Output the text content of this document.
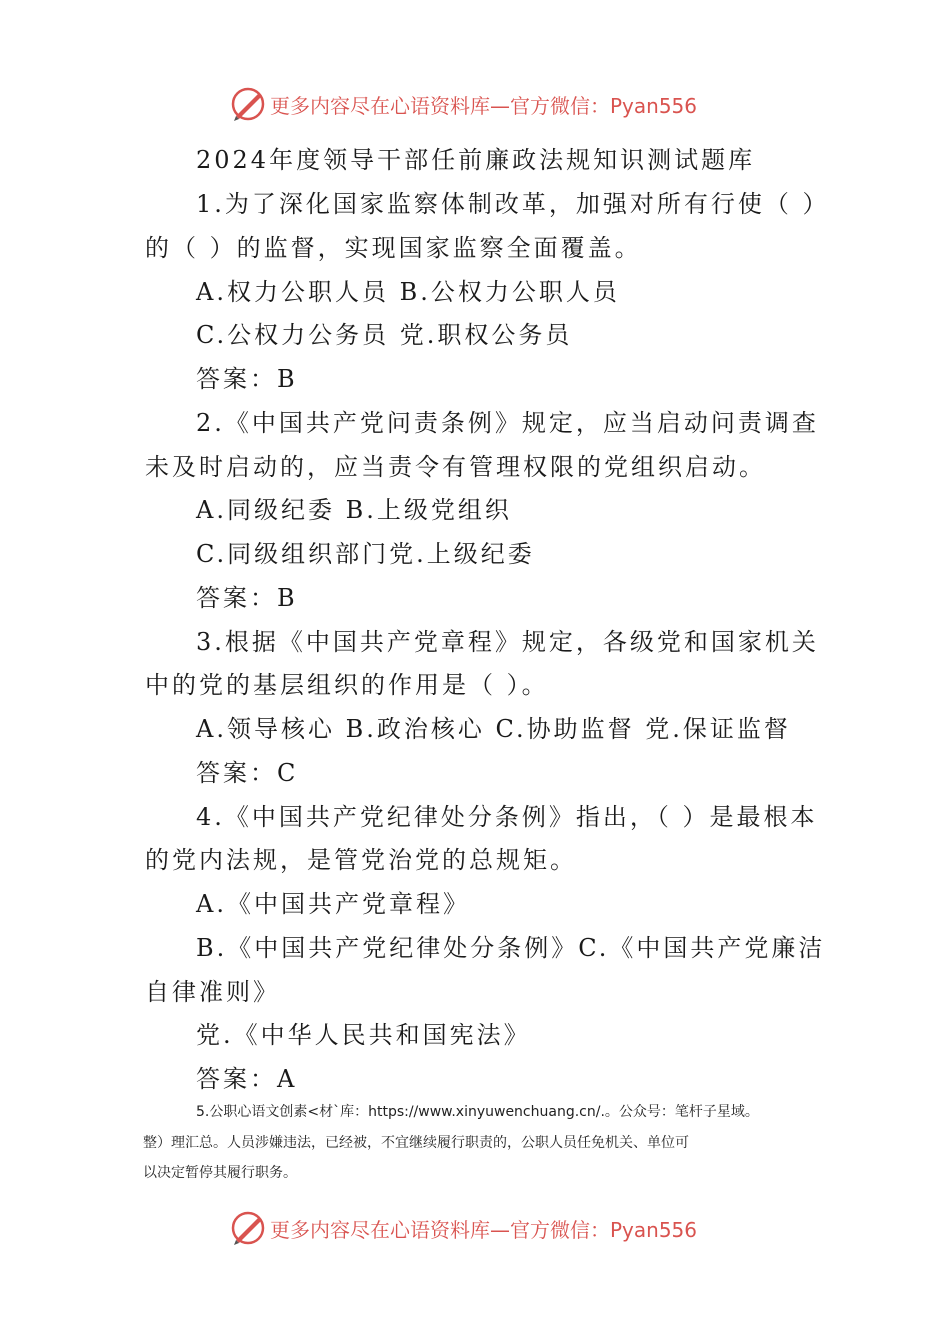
更多内容尽在心语资料库—官方微信：Pyan556
2024年度领导干部任前廉政法规知识测试题库
1.为了深化国家监察体制改革，加强对所有行使（ ）
的（ ）的监督，实现国家监察全面覆盖。
A.权力公职人员 B.公权力公职人员
C.公权力公务员 党.职权公务员
答案：B
2.《中国共产党问责条例》规定，应当启动问责调查
未及时启动的，应当责令有管理权限的党组织启动。
A.同级纪委 B.上级党组织
C.同级组织部门党.上级纪委
答案：B
3.根据《中国共产党章程》规定，各级党和国家机关
中的党的基层组织的作用是（ ）。
A.领导核心 B.政治核心 C.协助监督 党.保证监督
答案：C
4.《中国共产党纪律处分条例》指出，（ ）是最根本
的党内法规，是管党治党的总规矩。
A.《中国共产党章程》
B.《中国共产党纪律处分条例》C.《中国共产党廉洁
自律准则》
党.《中华人民共和国宪法》
答案：A
5.公职心语文创素<材`库：https://www.xinyuwenchuang.cn/.。公众号：笔杆子星域。
整）理汇总。人员涉嫌违法，已经被，不宜继续履行职责的，公职人员任免机关、单位可
以决定暂停其履行职务。
更多内容尽在心语资料库—官方微信：Pyan556
